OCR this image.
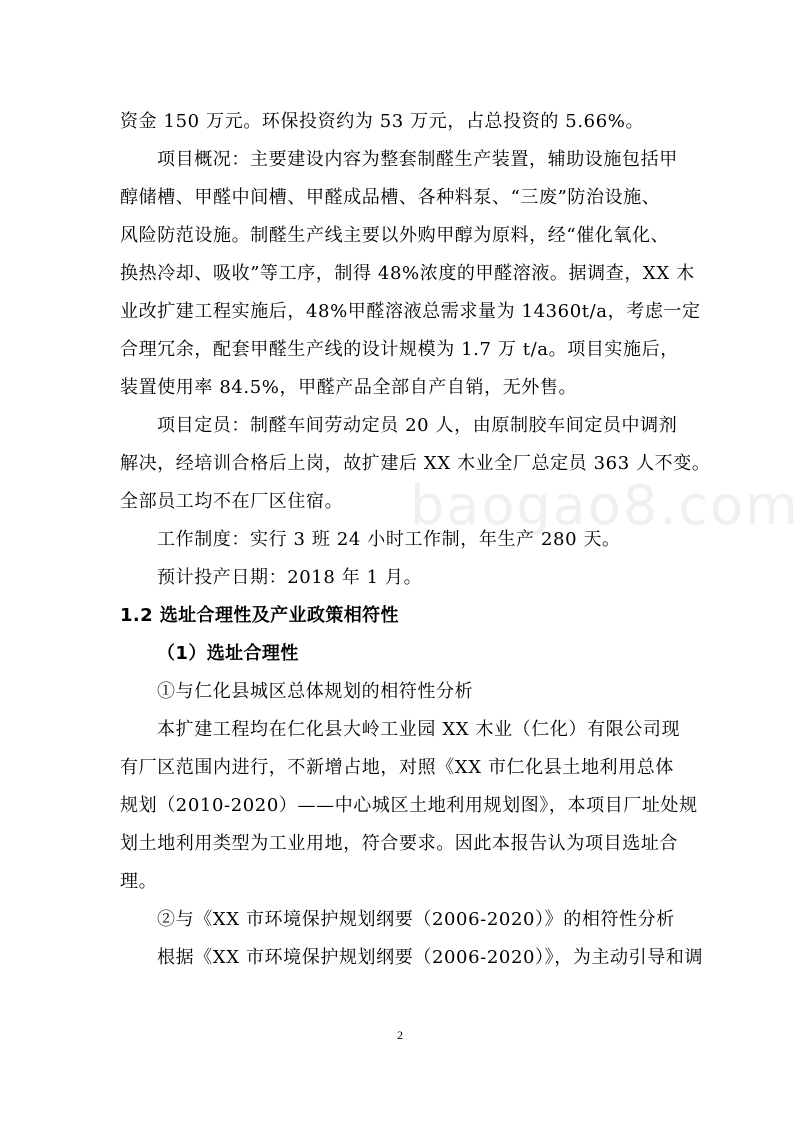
baogao8.com
资金 150 万元。环保投资约为 53 万元，占总投资的 5.66%。
项目概况：主要建设内容为整套制醛生产装置，辅助设施包括甲
醇储槽、甲醛中间槽、甲醛成品槽、各种料泵、“三废”防治设施、
风险防范设施。制醛生产线主要以外购甲醇为原料，经“催化氧化、
换热冷却、吸收”等工序，制得 48%浓度的甲醛溶液。据调查，XX 木
业改扩建工程实施后，48%甲醛溶液总需求量为 14360t/a，考虑一定
合理冗余，配套甲醛生产线的设计规模为 1.7 万 t/a。项目实施后，
装置使用率 84.5%，甲醛产品全部自产自销，无外售。
项目定员：制醛车间劳动定员 20 人，由原制胶车间定员中调剂
解决，经培训合格后上岗，故扩建后 XX 木业全厂总定员 363 人不变。
全部员工均不在厂区住宿。
工作制度：实行 3 班 24 小时工作制，年生产 280 天。
预计投产日期：2018 年 1 月。
1.2 选址合理性及产业政策相符性
（1）选址合理性
①与仁化县城区总体规划的相符性分析
本扩建工程均在仁化县大岭工业园 XX 木业（仁化）有限公司现
有厂区范围内进行，不新增占地，对照《XX 市仁化县土地利用总体
规划（2010-2020）——中心城区土地利用规划图》，本项目厂址处规
划土地利用类型为工业用地，符合要求。因此本报告认为项目选址合
理。
②与《XX 市环境保护规划纲要（2006-2020）》的相符性分析
根据《XX 市环境保护规划纲要（2006-2020）》，为主动引导和调
2
